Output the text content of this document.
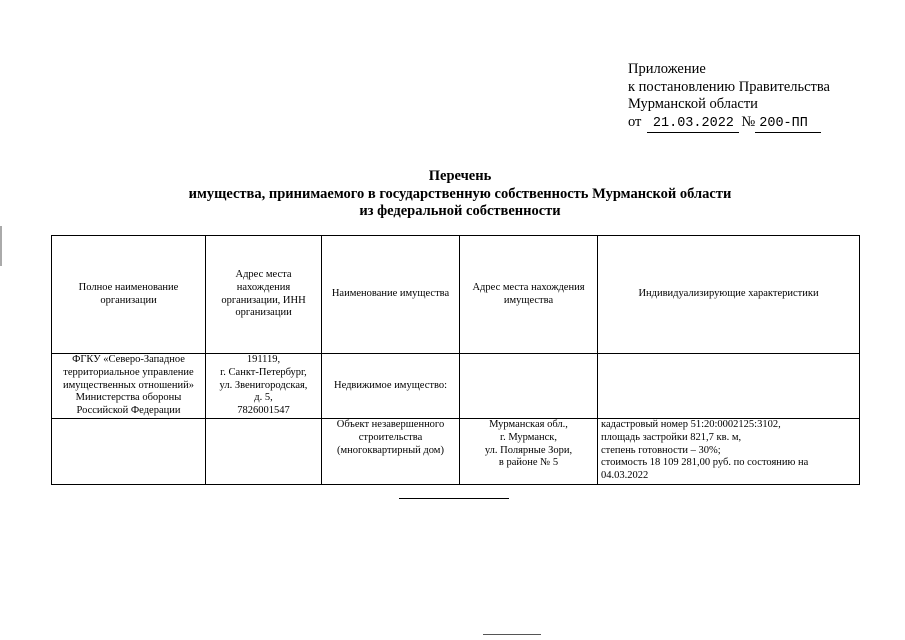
Приложение
к постановлению Правительства
Мурманской области
от 21.03.2022 № 200-ПП
Перечень
имущества, принимаемого в государственную собственность Мурманской области
из федеральной собственности
Полное наименование организации	Адрес места нахождения организации, ИНН организации	Наименование имущества	Адрес места нахождения имущества	Индивидуализирующие характеристики
ФГКУ «Северо-Западное территориальное управление имущественных отношений» Министерства обороны Российской Федерации	191119,
г. Санкт-Петербург,
ул. Звенигородская,
д. 5,
7826001547	Недвижимое имущество:		
		Объект незавершенного строительства (многоквартирный дом)	Мурманская обл.,
г. Мурманск,
ул. Полярные Зори,
в районе № 5	кадастровый номер 51:20:0002125:3102,
площадь застройки 821,7 кв. м,
степень готовности – 30%;
стоимость 18 109 281,00 руб. по состоянию на 04.03.2022
